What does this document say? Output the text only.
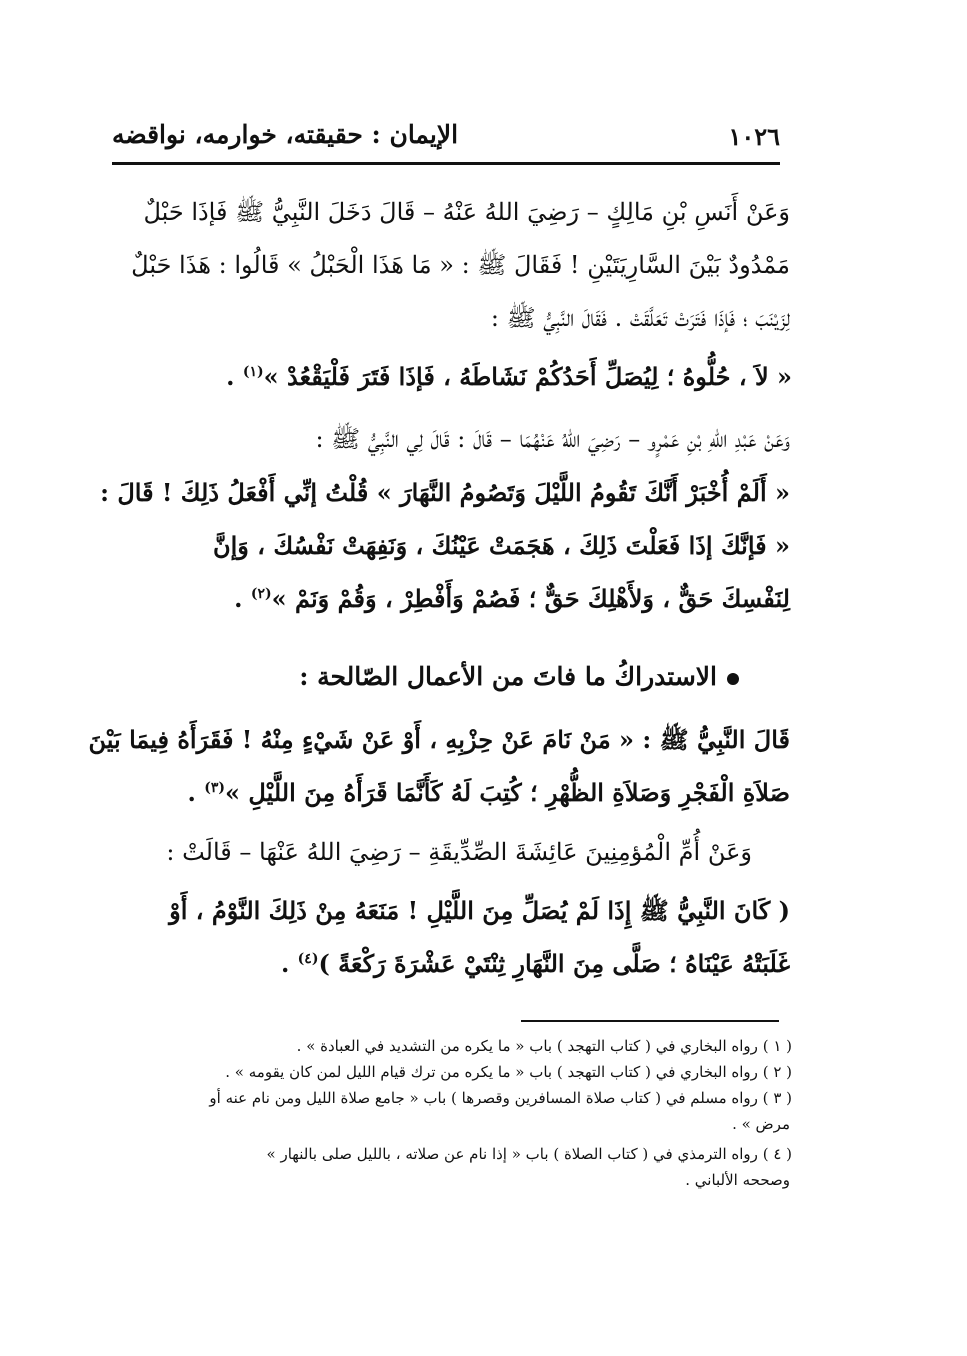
١٠٢٦
الإيمان : حقيقته، خوارمه، نواقضه
وَعَنْ أَنَسِ بْنِ مَالِكٍ – رَضِيَ اللهُ عَنْهُ – قَالَ دَخَلَ النَّبِيُّ ﷺ فَإذَا حَبْلٌ
مَمْدُودٌ بَيْنَ السَّارِيَتَيْنِ ! فَقَالَ ﷺ : « مَا هَذَا الْحَبْلُ » قَالُوا : هَذَا حَبْلٌ
لِزَيْنَبَ ؛ فَإذَا فَتَرَتْ تَعَلَّقَتْ . فَقَالَ النَّبِيُّ ﷺ :
« لاَ ، حُلُّوهُ ؛ لِيُصَلِّ أَحَدُكُمْ نَشَاطَهُ ، فَإذَا فَتَرَ فَلْيَقْعُدْ »$^{(١)}$ .
وَعَنْ عَبْدِ اللهِ بْنِ عَمْرٍو – رَضِيَ اللهُ عَنْهُمَا – قَالَ : قَالَ لِي النَّبِيُّ ﷺ :
« أَلَمْ أُخْبَرْ أَنَّكَ تَقُومُ اللَّيْلَ وَتَصُومُ النَّهَارَ » قُلْتُ إنِّي أَفْعَلُ ذَلِكَ ! قَالَ :
« فَإنَّكَ إذَا فَعَلْتَ ذَلِكَ ، هَجَمَتْ عَيْنُكَ ، وَنَفِهَتْ نَفْسُكَ ، وَإنَّ
لِنَفْسِكَ حَقٌّ ، وَلأَهْلِكَ حَقٌّ ؛ فَصُمْ وَأَفْطِرْ ، وَقُمْ وَنَمْ »$^{(٢)}$ .
الاستدراكُ ما فاتَ من الأعمال الصّالحة :
قَالَ النَّبِيُّ ﷺ : « مَنْ نَامَ عَنْ حِزْبِهِ ، أَوْ عَنْ شَيْءٍ مِنْهُ ! فَقَرَأَهُ فِيمَا بَيْنَ
صَلاَةِ الْفَجْرِ وَصَلاَةِ الظُّهْرِ ؛ كُتِبَ لَهُ كَأَنَّمَا قَرَأَهُ مِنَ اللَّيْلِ »$^{(٣)}$ .
وَعَنْ أُمِّ الْمُؤمِنِينَ عَائِشَةَ الصِّدِّيقَةِ – رَضِيَ اللهُ عَنْهَا – قَالَتْ :
( كَانَ النَّبِيُّ ﷺ إِذَا لَمْ يُصَلِّ مِنَ اللَّيْلِ ! مَنَعَهُ مِنْ ذَلِكَ النَّوْمُ ، أَوْ
غَلَبَتْهُ عَيْنَاهُ ؛ صَلَّى مِنَ النَّهَارِ ثِنْتَيْ عَشْرَةَ رَكْعَةً )$^{(٤)}$ .
( ١ ) رواه البخاري في ( كتاب التهجد ) باب « ما يكره من التشديد في العبادة » .
( ٢ ) رواه البخاري في ( كتاب التهجد ) باب « ما يكره من ترك قيام الليل لمن كان يقومه » .
( ٣ ) رواه مسلم في ( كتاب صلاة المسافرين وقصرها ) باب « جامع صلاة الليل ومن نام عنه أو
مرض » .
( ٤ ) رواه الترمذي في ( كتاب الصلاة ) باب « إذا نام عن صلاته ، بالليل صلى بالنهار »
وصححه الألباني .
